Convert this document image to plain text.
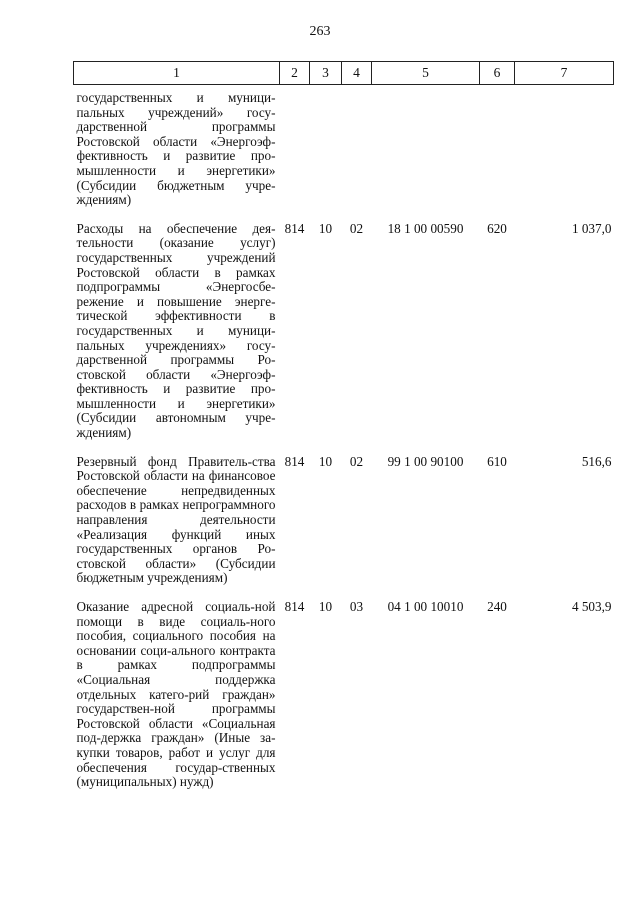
263
1	2	3	4	5	6	7
государственных и муници-пальных учреждений» госу-дарственной программы Ростовской области «Энергоэф-фективность и развитие про-мышленности и энергетики» (Субсидии бюджетным учре-ждениям)						
Расходы на обеспечение дея-тельности (оказание услуг) государственных учреждений Ростовской области в рамках подпрограммы «Энергосбе-режение и повышение энерге-тической эффективности в государственных и муници-пальных учреждениях» госу-дарственной программы Ро-стовской области «Энергоэф-фективность и развитие про-мышленности и энергетики» (Субсидии автономным учре-ждениям)	814	10	02	18 1 00 00590	620	1 037,0
Резервный фонд Правитель-ства Ростовской области на финансовое обеспечение непредвиденных расходов в рамках непрограммного направления деятельности «Реализация функций иных государственных органов Ро-стовской области» (Субсидии бюджетным учреждениям)	814	10	02	99 1 00 90100	610	516,6
Оказание адресной социаль-ной помощи в виде социаль-ного пособия, социального пособия на основании соци-ального контракта в рамках подпрограммы «Социальная поддержка отдельных катего-рий граждан» государствен-ной программы Ростовской области «Социальная под-держка граждан» (Иные за-купки товаров, работ и услуг для обеспечения государ-ственных (муниципальных) нужд)	814	10	03	04 1 00 10010	240	4 503,9
